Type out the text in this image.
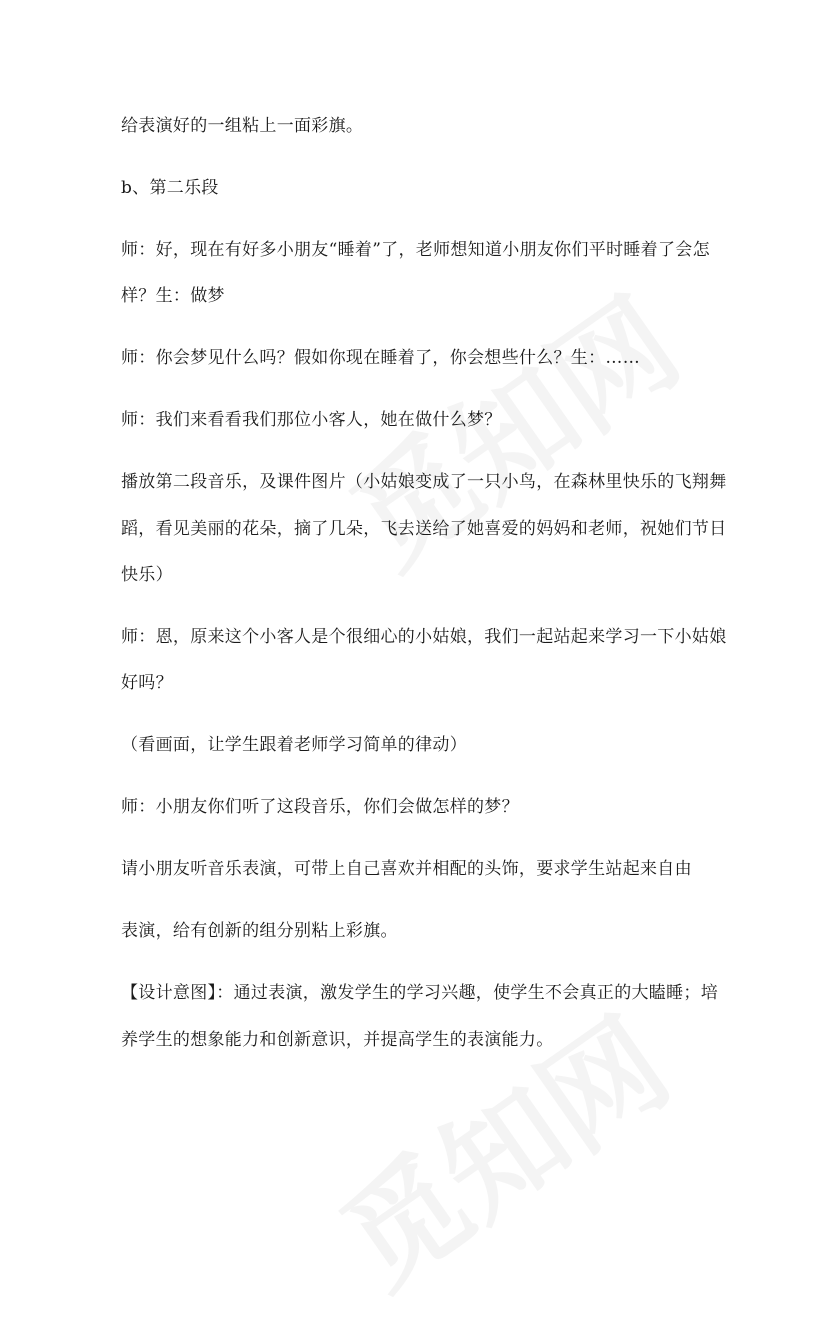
给表演好的一组粘上一面彩旗。
b、第二乐段
师：好，现在有好多小朋友“睡着”了，老师想知道小朋友你们平时睡着了会怎
样？生：做梦
师：你会梦见什么吗？假如你现在睡着了，你会想些什么？生：……
师：我们来看看我们那位小客人，她在做什么梦？
播放第二段音乐，及课件图片（小姑娘变成了一只小鸟，在森林里快乐的飞翔舞
蹈，看见美丽的花朵，摘了几朵，飞去送给了她喜爱的妈妈和老师，祝她们节日
快乐）
师：恩，原来这个小客人是个很细心的小姑娘，我们一起站起来学习一下小姑娘
好吗？
（看画面，让学生跟着老师学习简单的律动）
师：小朋友你们听了这段音乐，你们会做怎样的梦？
请小朋友听音乐表演，可带上自己喜欢并相配的头饰，要求学生站起来自由
表演，给有创新的组分别粘上彩旗。
【设计意图】：通过表演，激发学生的学习兴趣，使学生不会真正的大瞌睡；培
养学生的想象能力和创新意识，并提高学生的表演能力。
